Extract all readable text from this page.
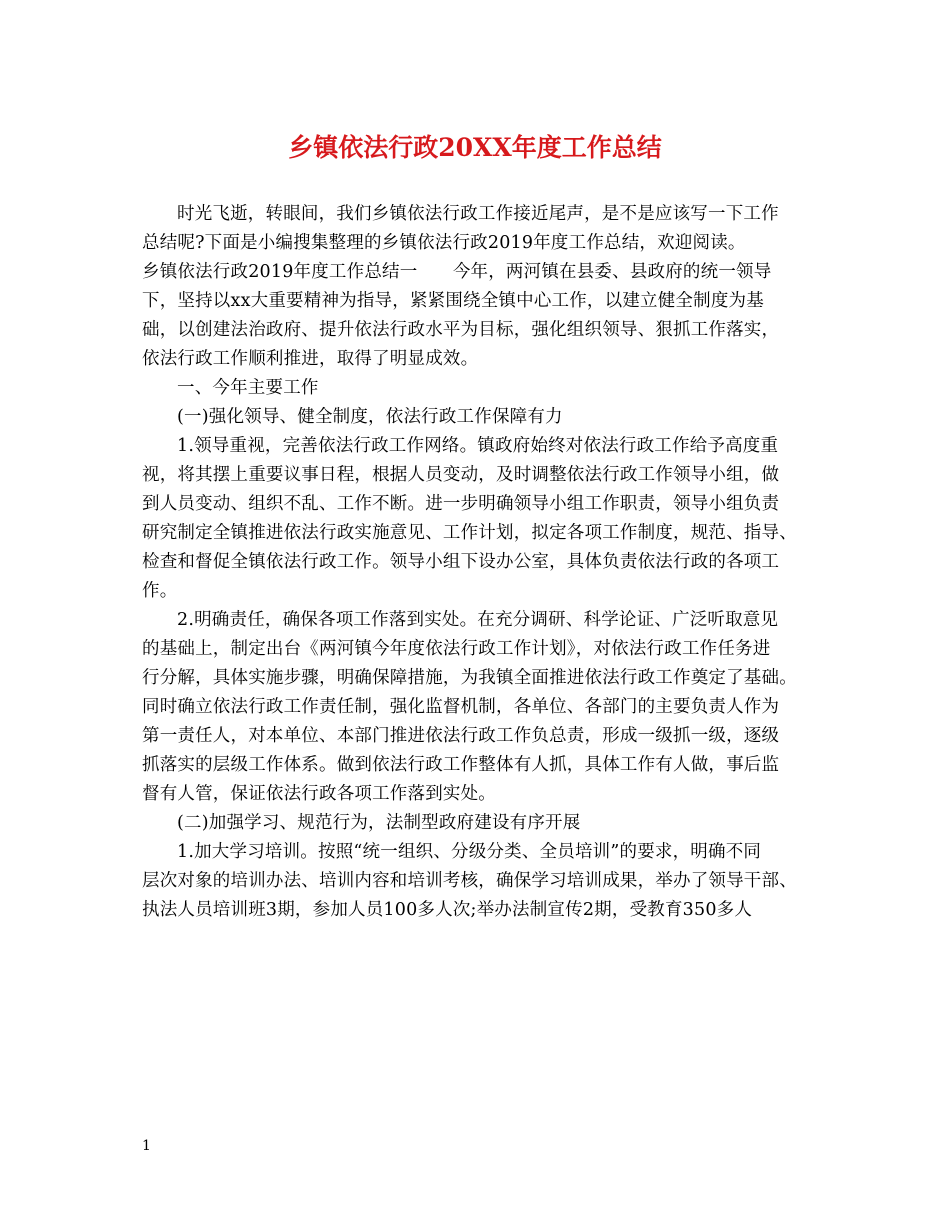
乡镇依法行政20XX年度工作总结
时光飞逝，转眼间，我们乡镇依法行政工作接近尾声，是不是应该写一下工作
总结呢?下面是小编搜集整理的乡镇依法行政2019年度工作总结，欢迎阅读。
乡镇依法行政2019年度工作总结一　　今年，两河镇在县委、县政府的统一领导
下，坚持以xx大重要精神为指导，紧紧围绕全镇中心工作，以建立健全制度为基
础，以创建法治政府、提升依法行政水平为目标，强化组织领导、狠抓工作落实，
依法行政工作顺利推进，取得了明显成效。
一、今年主要工作
(一)强化领导、健全制度，依法行政工作保障有力
1.领导重视，完善依法行政工作网络。镇政府始终对依法行政工作给予高度重
视，将其摆上重要议事日程，根据人员变动，及时调整依法行政工作领导小组，做
到人员变动、组织不乱、工作不断。进一步明确领导小组工作职责，领导小组负责
研究制定全镇推进依法行政实施意见、工作计划，拟定各项工作制度，规范、指导、
检查和督促全镇依法行政工作。领导小组下设办公室，具体负责依法行政的各项工
作。
2.明确责任，确保各项工作落到实处。在充分调研、科学论证、广泛听取意见
的基础上，制定出台《两河镇今年度依法行政工作计划》，对依法行政工作任务进
行分解，具体实施步骤，明确保障措施，为我镇全面推进依法行政工作奠定了基础。
同时确立依法行政工作责任制，强化监督机制，各单位、各部门的主要负责人作为
第一责任人，对本单位、本部门推进依法行政工作负总责，形成一级抓一级，逐级
抓落实的层级工作体系。做到依法行政工作整体有人抓，具体工作有人做，事后监
督有人管，保证依法行政各项工作落到实处。
(二)加强学习、规范行为，法制型政府建设有序开展
1.加大学习培训。按照“统一组织、分级分类、全员培训”的要求，明确不同
层次对象的培训办法、培训内容和培训考核，确保学习培训成果，举办了领导干部、
执法人员培训班3期，参加人员100多人次;举办法制宣传2期，受教育350多人
1
